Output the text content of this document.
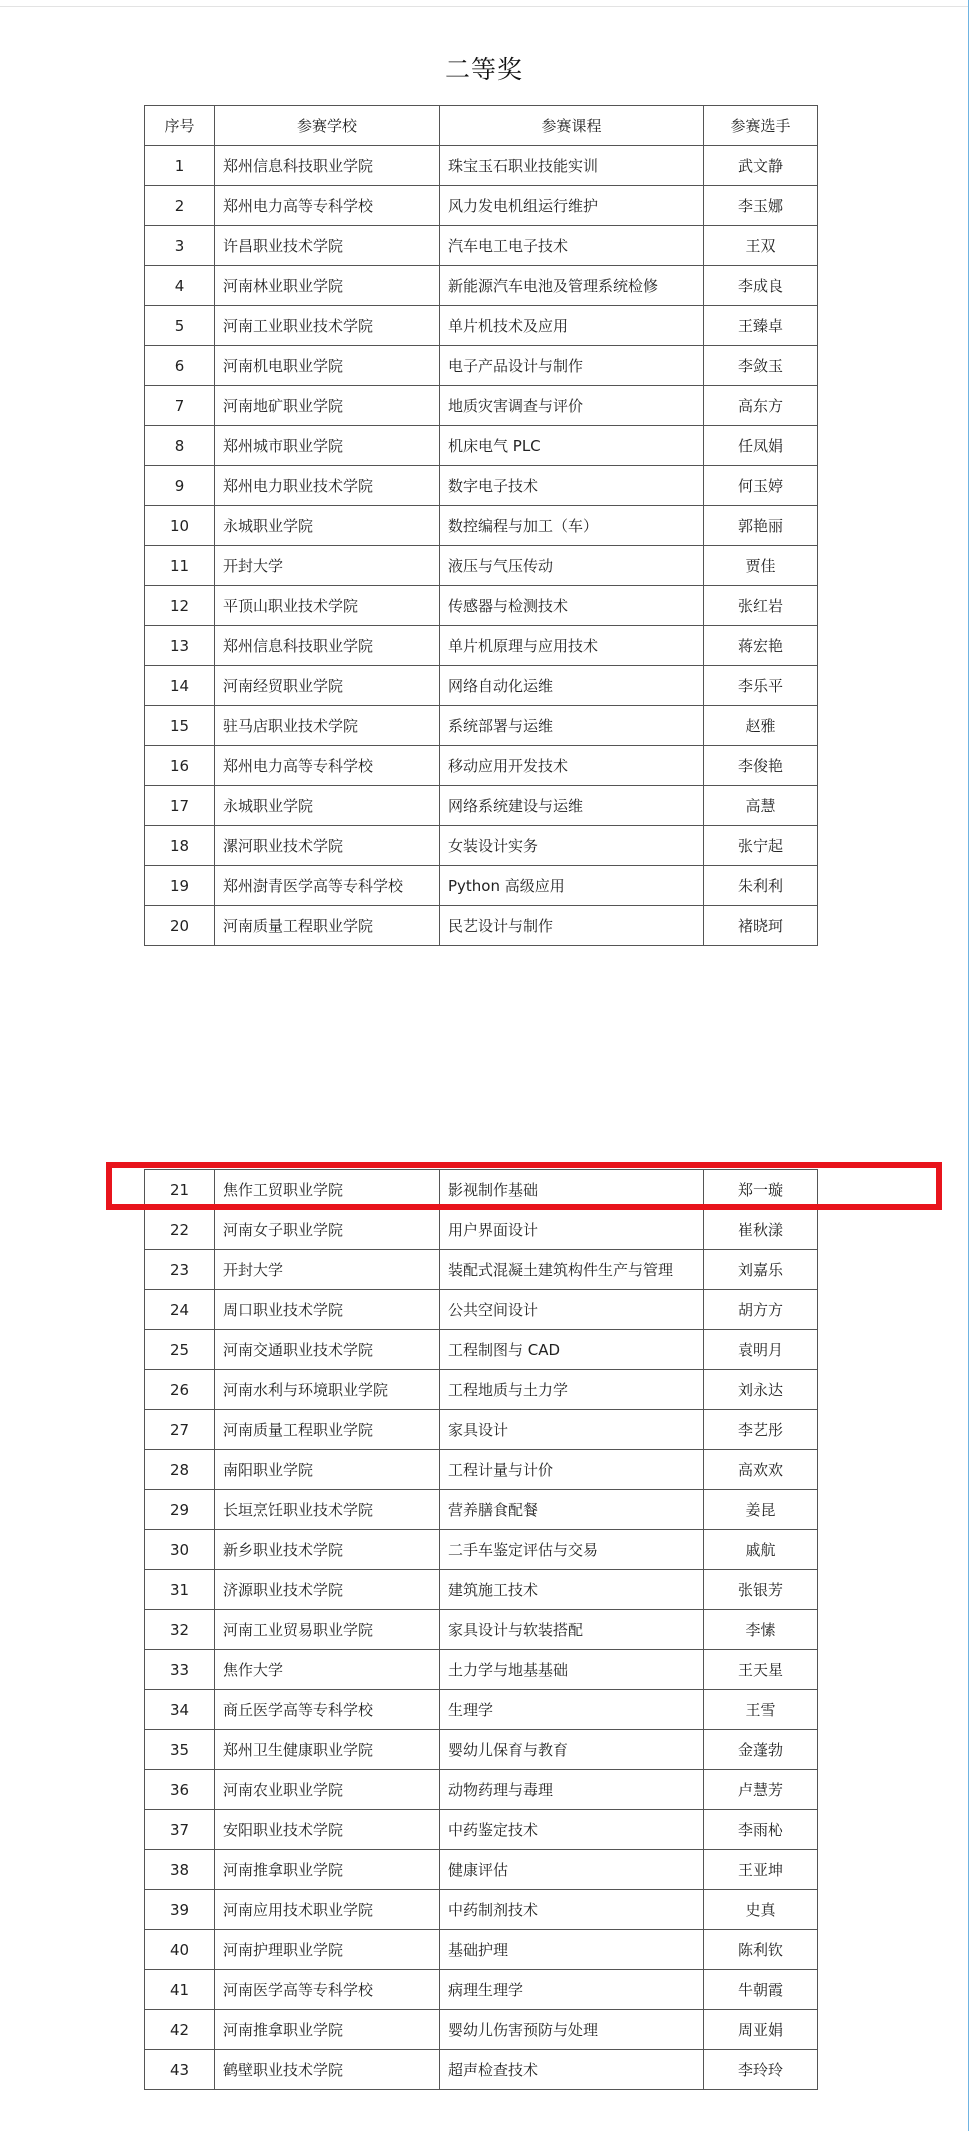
二等奖
序号	参赛学校	参赛课程	参赛选手
1	郑州信息科技职业学院	珠宝玉石职业技能实训	武文静
2	郑州电力高等专科学校	风力发电机组运行维护	李玉娜
3	许昌职业技术学院	汽车电工电子技术	王双
4	河南林业职业学院	新能源汽车电池及管理系统检修	李成良
5	河南工业职业技术学院	单片机技术及应用	王臻卓
6	河南机电职业学院	电子产品设计与制作	李敛玉
7	河南地矿职业学院	地质灾害调查与评价	高东方
8	郑州城市职业学院	机床电气 PLC	任凤娟
9	郑州电力职业技术学院	数字电子技术	何玉婷
10	永城职业学院	数控编程与加工（车）	郭艳丽
11	开封大学	液压与气压传动	贾佳
12	平顶山职业技术学院	传感器与检测技术	张红岩
13	郑州信息科技职业学院	单片机原理与应用技术	蒋宏艳
14	河南经贸职业学院	网络自动化运维	李乐平
15	驻马店职业技术学院	系统部署与运维	赵雅
16	郑州电力高等专科学校	移动应用开发技术	李俊艳
17	永城职业学院	网络系统建设与运维	高慧
18	漯河职业技术学院	女装设计实务	张宁起
19	郑州澍青医学高等专科学校	Python 高级应用	朱利利
20	河南质量工程职业学院	民艺设计与制作	褚晓珂
21	焦作工贸职业学院	影视制作基础	郑一璇
22	河南女子职业学院	用户界面设计	崔秋漾
23	开封大学	装配式混凝土建筑构件生产与管理	刘嘉乐
24	周口职业技术学院	公共空间设计	胡方方
25	河南交通职业技术学院	工程制图与 CAD	袁明月
26	河南水利与环境职业学院	工程地质与土力学	刘永达
27	河南质量工程职业学院	家具设计	李艺彤
28	南阳职业学院	工程计量与计价	高欢欢
29	长垣烹饪职业技术学院	营养膳食配餐	姜昆
30	新乡职业技术学院	二手车鉴定评估与交易	戚航
31	济源职业技术学院	建筑施工技术	张银芳
32	河南工业贸易职业学院	家具设计与软装搭配	李愫
33	焦作大学	土力学与地基基础	王天星
34	商丘医学高等专科学校	生理学	王雪
35	郑州卫生健康职业学院	婴幼儿保育与教育	金蓬勃
36	河南农业职业学院	动物药理与毒理	卢慧芳
37	安阳职业技术学院	中药鉴定技术	李雨杺
38	河南推拿职业学院	健康评估	王亚坤
39	河南应用技术职业学院	中药制剂技术	史真
40	河南护理职业学院	基础护理	陈利钦
41	河南医学高等专科学校	病理生理学	牛朝霞
42	河南推拿职业学院	婴幼儿伤害预防与处理	周亚娟
43	鹤壁职业技术学院	超声检查技术	李玲玲
